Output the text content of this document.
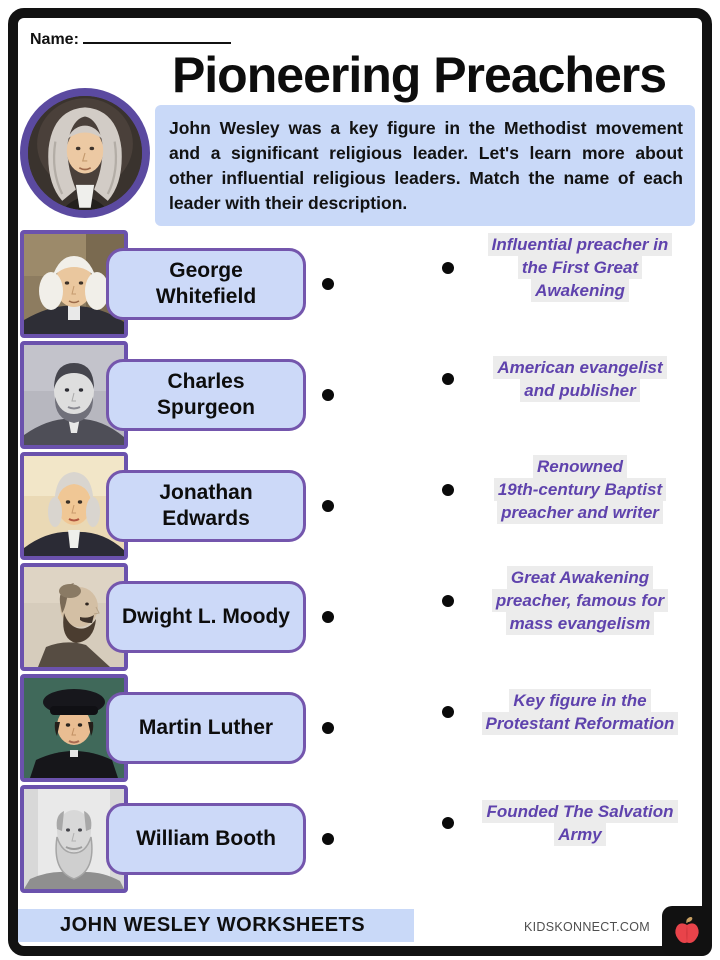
Name:
Pioneering Preachers
John Wesley was a key figure in the Methodist movement
and a significant religious leader. Let's learn more about
other influential religious leaders. Match the name of each
leader with their description.
George Whitefield
Influential preacher in
the First Great
Awakening
Charles Spurgeon
American evangelist
and publisher
Jonathan Edwards
Renowned
19th-century Baptist
preacher and writer
Dwight L. Moody
Great Awakening
preacher, famous for
mass evangelism
Martin Luther
Key figure in the
Protestant Reformation
William Booth
Founded The Salvation
Army
JOHN WESLEY WORKSHEETS	KIDSKONNECT.COM
